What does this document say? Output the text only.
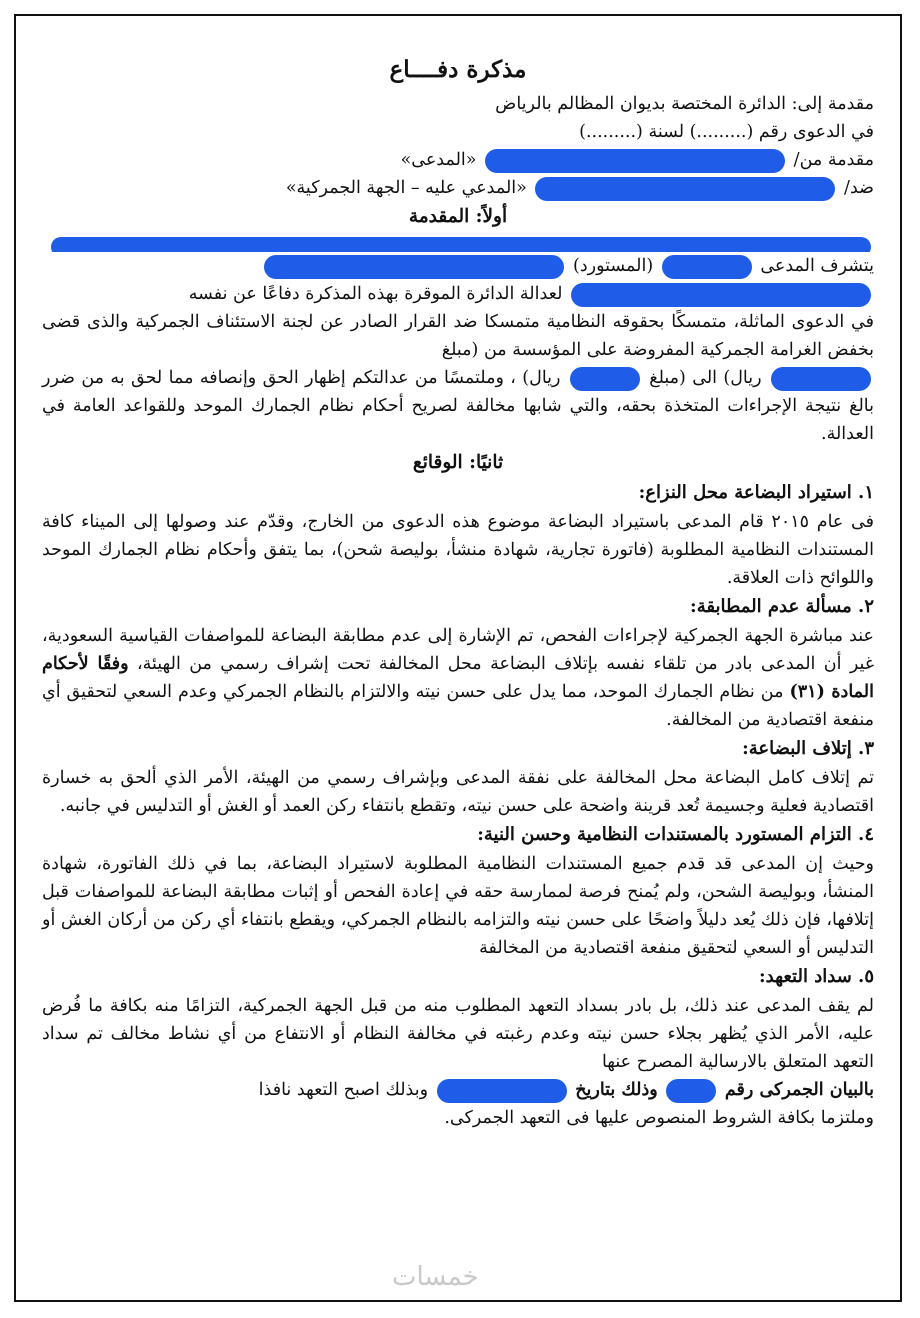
مذكرة دفــــاع
مقدمة إلى: الدائرة المختصة بديوان المظالم بالرياض
في الدعوى رقم (.........) لسنة (.........)
مقدمة من/  «المدعى»
ضد/  «المدعي عليه – الجهة الجمركية»
أولاً: المقدمة
يتشرف المدعى  (المستورد)
لعدالة الدائرة الموقرة بهذه المذكرة دفاعًا عن نفسه
في الدعوى الماثلة، متمسكًا بحقوقه النظامية متمسكا ضد القرار الصادر عن لجنة الاستئناف الجمركية والذى قضى بخفض الغرامة الجمركية المفروضة على المؤسسة من (مبلغ
ريال) الى (مبلغ  ريال) ، وملتمسًا من عدالتكم إظهار الحق وإنصافه مما لحق به من ضرر بالغ نتيجة الإجراءات المتخذة بحقه، والتي شابها مخالفة لصريح أحكام نظام الجمارك الموحد وللقواعد العامة في العدالة.
ثانيًا: الوقائع
١. استيراد البضاعة محل النزاع:
فى عام ٢٠١٥ قام المدعى باستيراد البضاعة موضوع هذه الدعوى من الخارج، وقدّم عند وصولها إلى الميناء كافة المستندات النظامية المطلوبة (فاتورة تجارية، شهادة منشأ، بوليصة شحن)، بما يتفق وأحكام نظام الجمارك الموحد واللوائح ذات العلاقة.
٢. مسألة عدم المطابقة:
عند مباشرة الجهة الجمركية لإجراءات الفحص، تم الإشارة إلى عدم مطابقة البضاعة للمواصفات القياسية السعودية، غير أن المدعى بادر من تلقاء نفسه بإتلاف البضاعة محل المخالفة تحت إشراف رسمي من الهيئة، وفقًا لأحكام المادة (٣١) من نظام الجمارك الموحد، مما يدل على حسن نيته والالتزام بالنظام الجمركي وعدم السعي لتحقيق أي منفعة اقتصادية من المخالفة.
٣. إتلاف البضاعة:
تم إتلاف كامل البضاعة محل المخالفة على نفقة المدعى وبإشراف رسمي من الهيئة، الأمر الذي ألحق به خسارة اقتصادية فعلية وجسيمة تُعد قرينة واضحة على حسن نيته، وتقطع بانتفاء ركن العمد أو الغش أو التدليس في جانبه.
٤. التزام المستورد بالمستندات النظامية وحسن النية:
وحيث إن المدعى قد قدم جميع المستندات النظامية المطلوبة لاستيراد البضاعة، بما في ذلك الفاتورة، شهادة المنشأ، وبوليصة الشحن، ولم يُمنح فرصة لممارسة حقه في إعادة الفحص أو إثبات مطابقة البضاعة للمواصفات قبل إتلافها، فإن ذلك يُعد دليلاً واضحًا على حسن نيته والتزامه بالنظام الجمركي، ويقطع بانتفاء أي ركن من أركان الغش أو التدليس أو السعي لتحقيق منفعة اقتصادية من المخالفة
٥. سداد التعهد:
لم يقف المدعى عند ذلك، بل بادر بسداد التعهد المطلوب منه من قبل الجهة الجمركية، التزامًا منه بكافة ما فُرض عليه، الأمر الذي يُظهر بجلاء حسن نيته وعدم رغبته في مخالفة النظام أو الانتفاع من أي نشاط مخالف تم سداد التعهد المتعلق بالارسالية المصرح عنها
بالبيان الجمركى رقم  وذلك بتاريخ  وبذلك اصبح التعهد نافذا
وملتزما بكافة الشروط المنصوص عليها فى التعهد الجمركى.
خمسات
